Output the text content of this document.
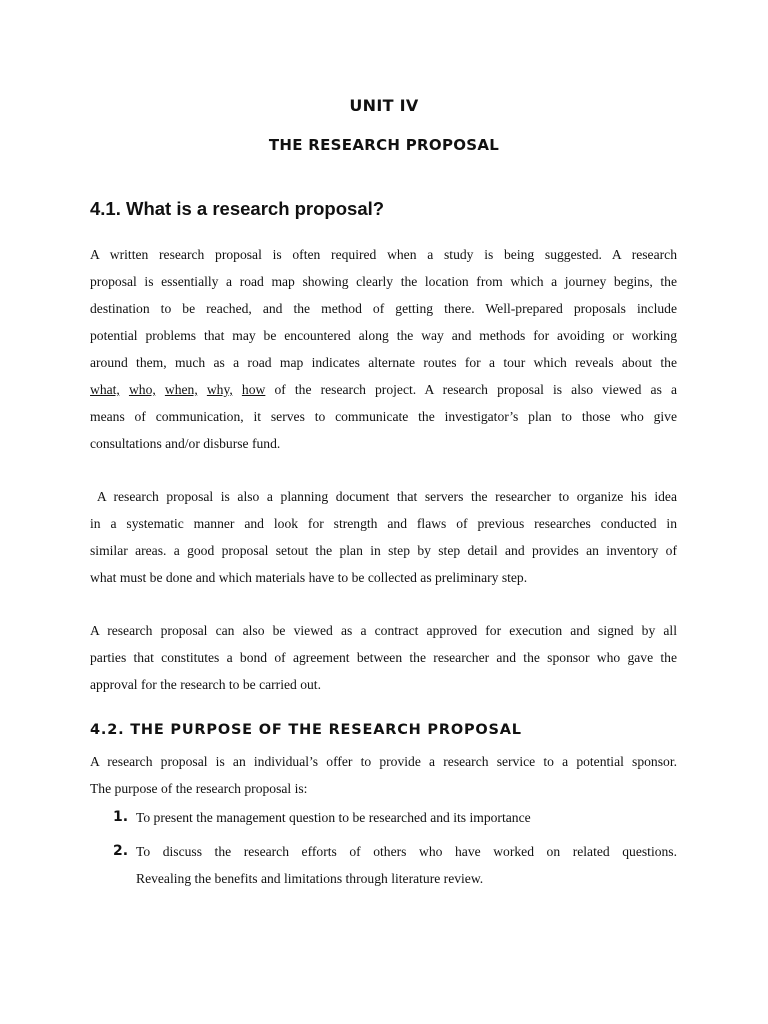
UNIT IV
THE RESEARCH PROPOSAL
4.1. What is a research proposal?
A written research proposal is often required when a study is being suggested. A research
proposal is essentially a road map showing clearly the location from which a journey begins, the
destination to be reached, and the method of getting there. Well-prepared proposals include
potential problems that may be encountered along the way and methods for avoiding or working
around them, much as a road map indicates alternate routes for a tour which reveals about the
what, who, when, why, how of the research project. A research proposal is also viewed as a
means of communication, it serves to communicate the investigator’s plan to those who give
consultations and/or disburse fund.
A research proposal is also a planning document that servers the researcher to organize his idea
in a systematic manner and look for strength and flaws of previous researches conducted in
similar areas. a good proposal setout the plan in step by step detail and provides an inventory of
what must be done and which materials have to be collected as preliminary step.
A research proposal can also be viewed as a contract approved for execution and signed by all
parties that constitutes a bond of agreement between the researcher and the sponsor who gave the
approval for the research to be carried out.
4.2. THE PURPOSE OF THE RESEARCH PROPOSAL
A research proposal is an individual’s offer to provide a research service to a potential sponsor.
The purpose of the research proposal is:
1. To present the management question to be researched and its importance
2. To discuss the research efforts of others who have worked on related questions.
Revealing the benefits and limitations through literature review.
